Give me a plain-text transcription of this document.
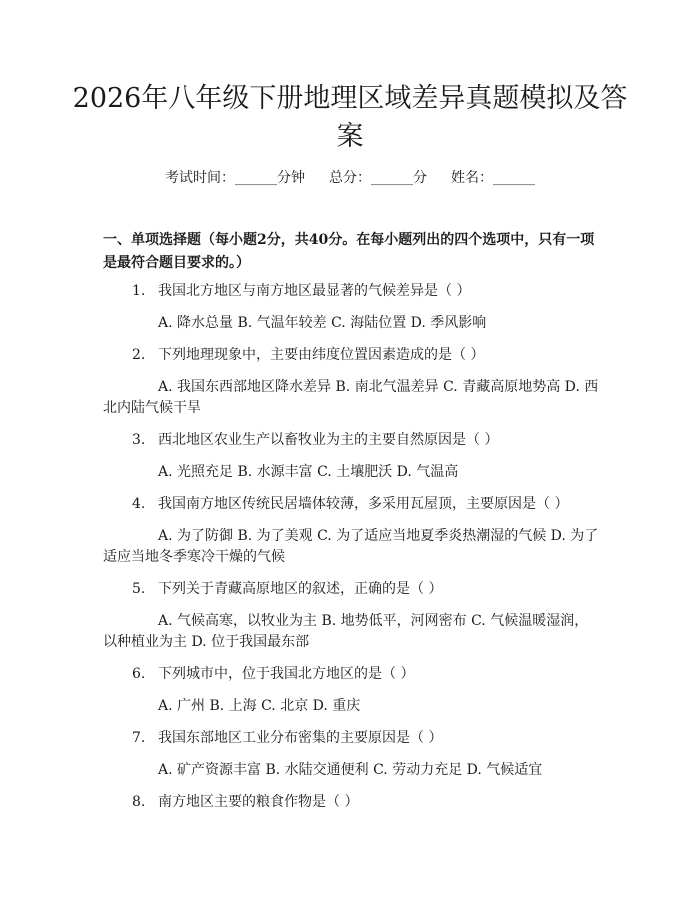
2026年八年级下册地理区域差异真题模拟及答案
考试时间：______分钟 总分：______分 姓名：______

一、单项选择题（每小题2分，共40分。在每小题列出的四个选项中，只有一项是最符合题目要求的。）

1. 我国北方地区与南方地区最显著的气候差异是（ ）

A. 降水总量 B. 气温年较差 C. 海陆位置 D. 季风影响

2. 下列地理现象中，主要由纬度位置因素造成的是（ ）

A. 我国东西部地区降水差异 B. 南北气温差异 C. 青藏高原地势高 D. 西北内陆气候干旱

3. 西北地区农业生产以畜牧业为主的主要自然原因是（ ）

A. 光照充足 B. 水源丰富 C. 土壤肥沃 D. 气温高

4. 我国南方地区传统民居墙体较薄，多采用瓦屋顶，主要原因是（ ）

A. 为了防御 B. 为了美观 C. 为了适应当地夏季炎热潮湿的气候 D. 为了适应当地冬季寒冷干燥的气候

5. 下列关于青藏高原地区的叙述，正确的是（ ）

A. 气候高寒，以牧业为主 B. 地势低平，河网密布 C. 气候温暖湿润，以种植业为主 D. 位于我国最东部

6. 下列城市中，位于我国北方地区的是（ ）

A. 广州 B. 上海 C. 北京 D. 重庆

7. 我国东部地区工业分布密集的主要原因是（ ）

A. 矿产资源丰富 B. 水陆交通便利 C. 劳动力充足 D. 气候适宜

8. 南方地区主要的粮食作物是（ ）
